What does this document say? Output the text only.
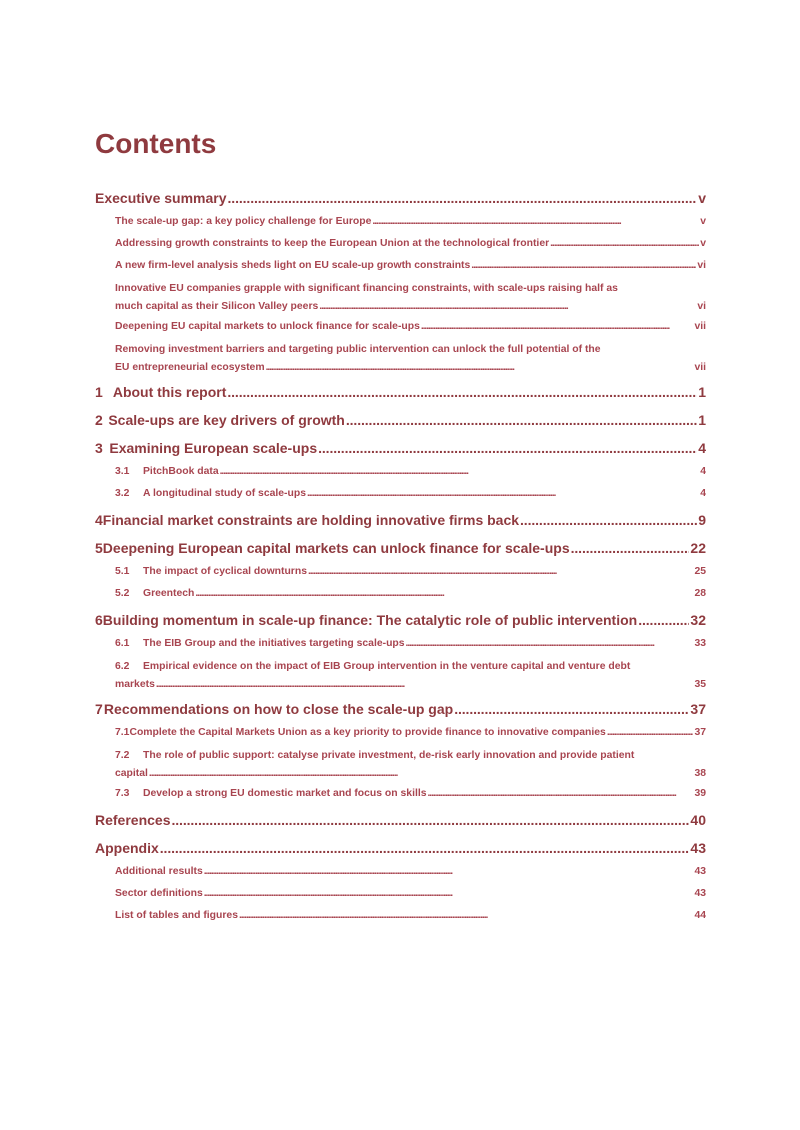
Contents
Executive summary . . .	v
The scale-up gap: a key policy challenge for Europe . . .	v
Addressing growth constraints to keep the European Union at the technological frontier . . .	v
A new firm-level analysis sheds light on EU scale-up growth constraints . . .	vi
Innovative EU companies grapple with significant financing constraints, with scale-ups raising half as
much capital as their Silicon Valley peers . . .	vi
Deepening EU capital markets to unlock finance for scale-ups . . .	vii
Removing investment barriers and targeting public intervention can unlock the full potential of the
EU entrepreneurial ecosystem . . .	vii
1 About this report . . .	1
2 Scale-ups are key drivers of growth . . .	1
3 Examining European scale-ups . . .	4
3.1	PitchBook data . . .	4
3.2	A longitudinal study of scale-ups . . .	4
4 Financial market constraints are holding innovative firms back . . .	9
5 Deepening European capital markets can unlock finance for scale-ups . . .	22
5.1	The impact of cyclical downturns . . .	25
5.2	Greentech . . .	28
6 Building momentum in scale-up finance: The catalytic role of public intervention . . .	32
6.1	The EIB Group and the initiatives targeting scale-ups . . .	33
6.2 Empirical evidence on the impact of EIB Group intervention in the venture capital and venture debt
markets . . .	35
7 Recommendations on how to close the scale-up gap . . .	37
7.1 Complete the Capital Markets Union as a key priority to provide finance to innovative companies . . .	37
7.2 The role of public support: catalyse private investment, de-risk early innovation and provide patient
capital . . .	38
7.3	Develop a strong EU domestic market and focus on skills . . .	39
References . . .	40
Appendix . . .	43
Additional results . . .	43
Sector definitions . . .	43
List of tables and figures . . .	44
